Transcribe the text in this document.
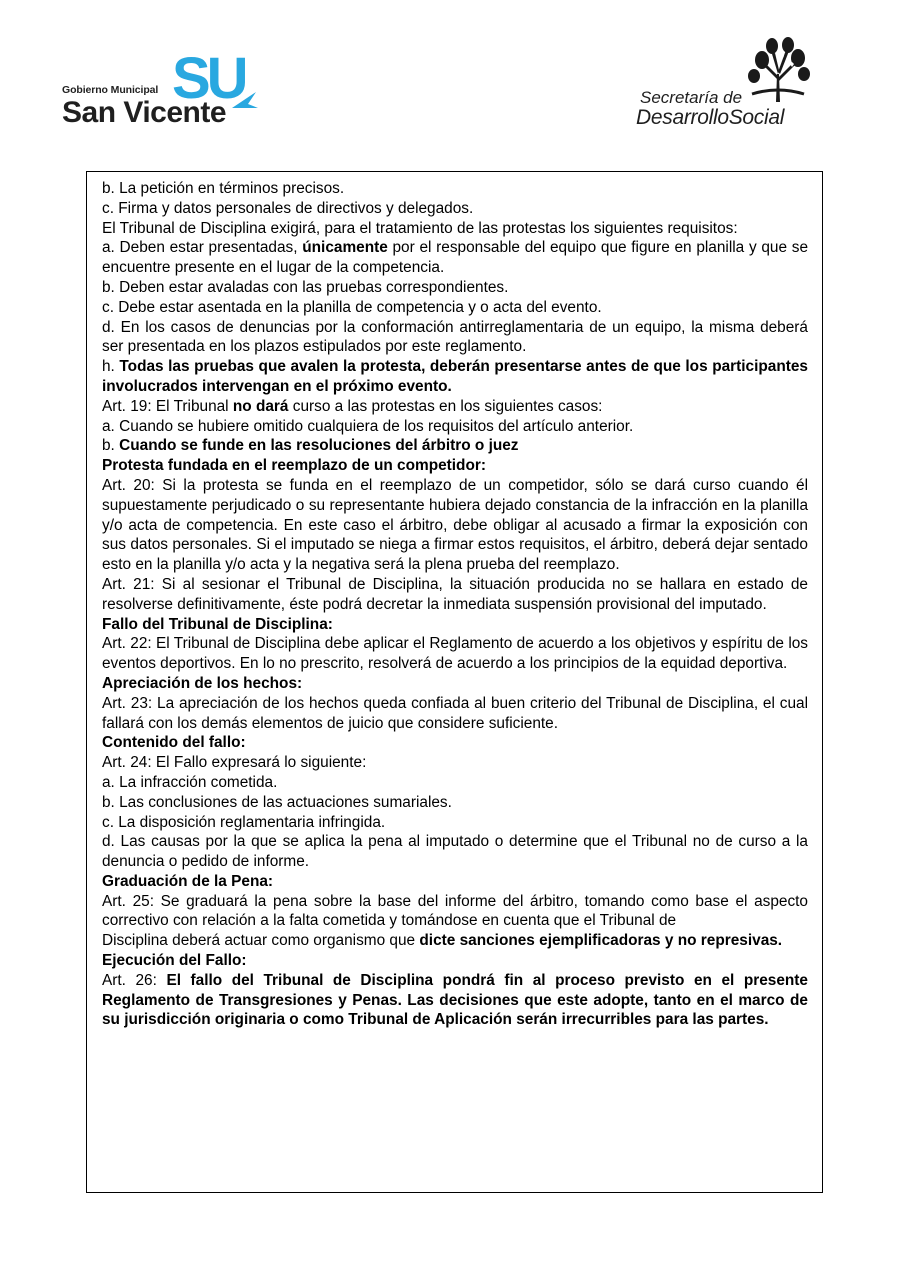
Gobierno Municipal SU
San Vicente	Secretaría de
DesarrolloSocial

b. La petición en términos precisos.

c. Firma y datos personales de directivos y delegados.

El Tribunal de Disciplina exigirá, para el tratamiento de las protestas los siguientes requisitos:

a. Deben estar presentadas, únicamente por el responsable del equipo que figure en planilla y que se encuentre presente en el lugar de la competencia.

b. Deben estar avaladas con las pruebas correspondientes.

c. Debe estar asentada en la planilla de competencia y o acta del evento.

d. En los casos de denuncias por la conformación antirreglamentaria de un equipo, la misma deberá ser presentada en los plazos estipulados por este reglamento.

h. Todas las pruebas que avalen la protesta, deberán presentarse antes de que los participantes involucrados intervengan en el próximo evento.

Art. 19: El Tribunal no dará curso a las protestas en los siguientes casos:

a. Cuando se hubiere omitido cualquiera de los requisitos del artículo anterior.

b. Cuando se funde en las resoluciones del árbitro o juez

Protesta fundada en el reemplazo de un competidor:

Art. 20: Si la protesta se funda en el reemplazo de un competidor, sólo se dará curso cuando él supuestamente perjudicado o su representante hubiera dejado constancia de la infracción en la planilla y/o acta de competencia. En este caso el árbitro, debe obligar al acusado a firmar la exposición con sus datos personales. Si el imputado se niega a firmar estos requisitos, el árbitro, deberá dejar sentado esto en la planilla y/o acta y la negativa será la plena prueba del reemplazo.

Art. 21: Si al sesionar el Tribunal de Disciplina, la situación producida no se hallara en estado de resolverse definitivamente, éste podrá decretar la inmediata suspensión provisional del imputado.

Fallo del Tribunal de Disciplina:

Art. 22: El Tribunal de Disciplina debe aplicar el Reglamento de acuerdo a los objetivos y espíritu de los eventos deportivos. En lo no prescrito, resolverá de acuerdo a los principios de la equidad deportiva.

Apreciación de los hechos:

Art. 23: La apreciación de los hechos queda confiada al buen criterio del Tribunal de Disciplina, el cual fallará con los demás elementos de juicio que considere suficiente.

Contenido del fallo:

Art. 24: El Fallo expresará lo siguiente:

a. La infracción cometida.

b. Las conclusiones de las actuaciones sumariales.

c. La disposición reglamentaria infringida.

d. Las causas por la que se aplica la pena al imputado o determine que el Tribunal no de curso a la denuncia o pedido de informe.

Graduación de la Pena:

Art. 25: Se graduará la pena sobre la base del informe del árbitro, tomando como base el aspecto correctivo con relación a la falta cometida y tomándose en cuenta que el Tribunal de

Disciplina deberá actuar como organismo que dicte sanciones ejemplificadoras y no represivas.

Ejecución del Fallo:

Art. 26: El fallo del Tribunal de Disciplina pondrá fin al proceso previsto en el presente Reglamento de Transgresiones y Penas. Las decisiones que este adopte, tanto en el marco de su jurisdicción originaria o como Tribunal de Aplicación serán irrecurribles para las partes.
